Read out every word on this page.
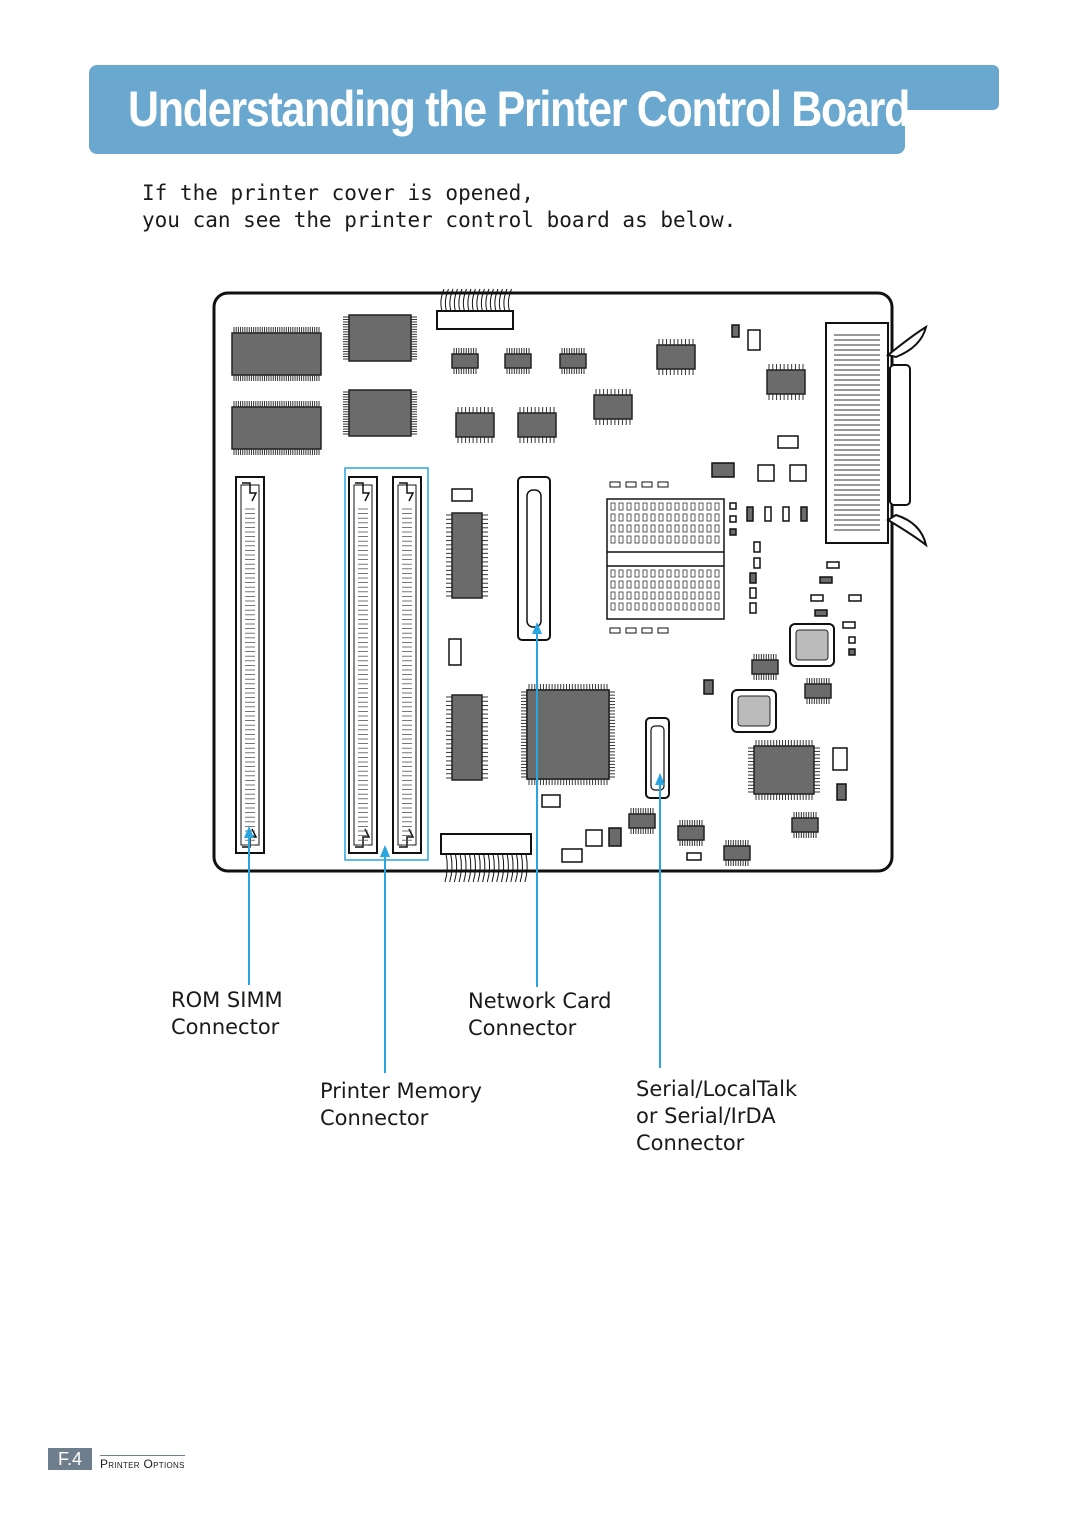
Understanding the Printer Control Board
If the printer cover is opened,
you can see the printer control board as below.
ROM SIMM
Connector
Network Card
Connector
Printer Memory
Connector
Serial/LocalTalk
or Serial/IrDA
Connector
F.4	Printer Options
